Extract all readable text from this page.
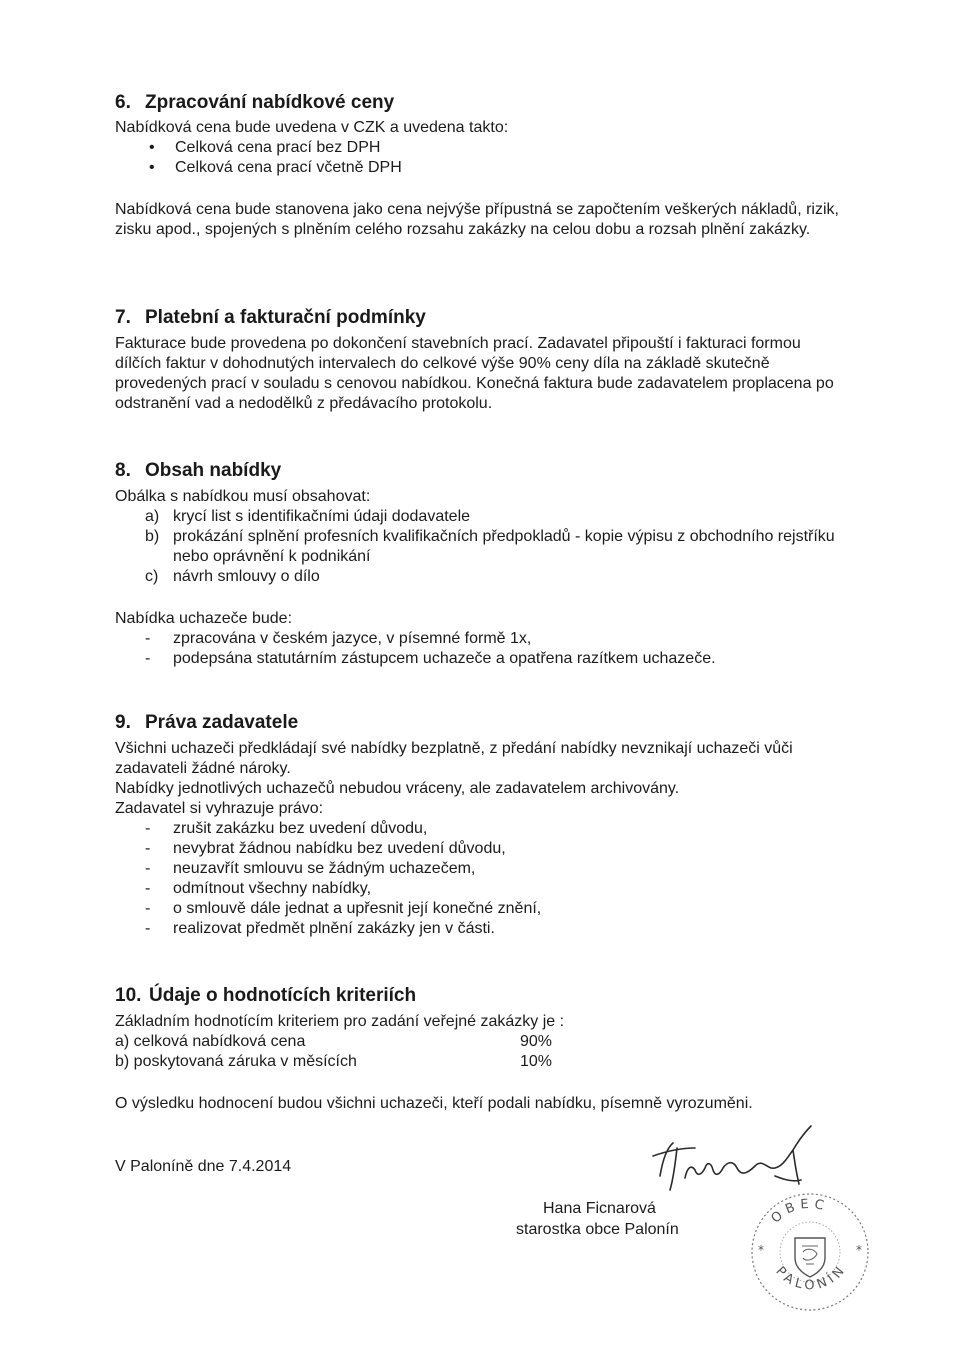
6. Zpracování nabídkové ceny

Nabídková cena bude uvedena v CZK a uvedena takto:

• Celková cena prací bez DPH
• Celková cena prací včetně DPH

Nabídková cena bude stanovena jako cena nejvýše přípustná se započtením veškerých nákladů, rizik, zisku apod., spojených s plněním celého rozsahu zakázky na celou dobu a rozsah plnění zakázky.

7. Platební a fakturační podmínky

Fakturace bude provedena po dokončení stavebních prací. Zadavatel připouští i fakturaci formou dílčích faktur v dohodnutých intervalech do celkové výše 90% ceny díla na základě skutečně provedených prací v souladu s cenovou nabídkou. Konečná faktura bude zadavatelem proplacena po odstranění vad a nedodělků z předávacího protokolu.

8. Obsah nabídky

Obálka s nabídkou musí obsahovat:

a) krycí list s identifikačními údaji dodavatele
b) prokázání splnění profesních kvalifikačních předpokladů - kopie výpisu z obchodního rejstříku nebo oprávnění k podnikání
c) návrh smlouvy o dílo

Nabídka uchazeče bude:

- zpracována v českém jazyce, v písemné formě 1x,
- podepsána statutárním zástupcem uchazeče a opatřena razítkem uchazeče.
9. Práva zadavatele

Všichni uchazeči předkládají své nabídky bezplatně, z předání nabídky nevznikají uchazeči vůči zadavateli žádné nároky.

Nabídky jednotlivých uchazečů nebudou vráceny, ale zadavatelem archivovány.

Zadavatel si vyhrazuje právo:

- zrušit zakázku bez uvedení důvodu,
- nevybrat žádnou nabídku bez uvedení důvodu,
- neuzavřít smlouvu se žádným uchazečem,
- odmítnout všechny nabídky,
- o smlouvě dále jednat a upřesnit její konečné znění,
- realizovat předmět plnění zakázky jen v části.
10. Údaje o hodnotících kriteriích

Základním hodnotícím kriteriem pro zadání veřejné zakázky je :

a) celková nabídková cena	90%
b) poskytovaná záruka v měsících	10%

O výsledku hodnocení budou všichni uchazeči, kteří podali nabídku, písemně vyrozuměni.

V Paloníně dne 7.4.2014
Hana Ficnarová
starostka obce Palonín
OBEC
PALONÍN
*
*
